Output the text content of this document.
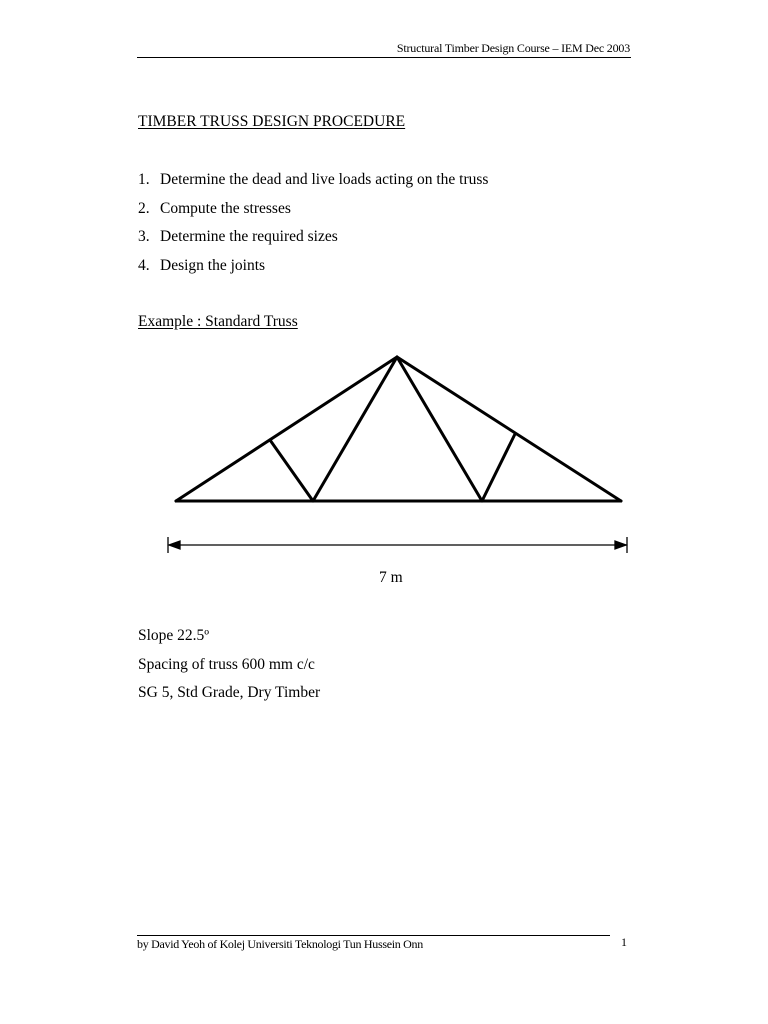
Structural Timber Design Course – IEM Dec 2003
TIMBER TRUSS DESIGN PROCEDURE
1. Determine the dead and live loads acting on the truss
2. Compute the stresses
3. Determine the required sizes
4. Design the joints
Example : Standard Truss
7 m
Slope 22.5º
Spacing of truss 600 mm c/c
SG 5, Std Grade, Dry Timber
by David Yeoh of Kolej Universiti Teknologi Tun Hussein Onn	1
